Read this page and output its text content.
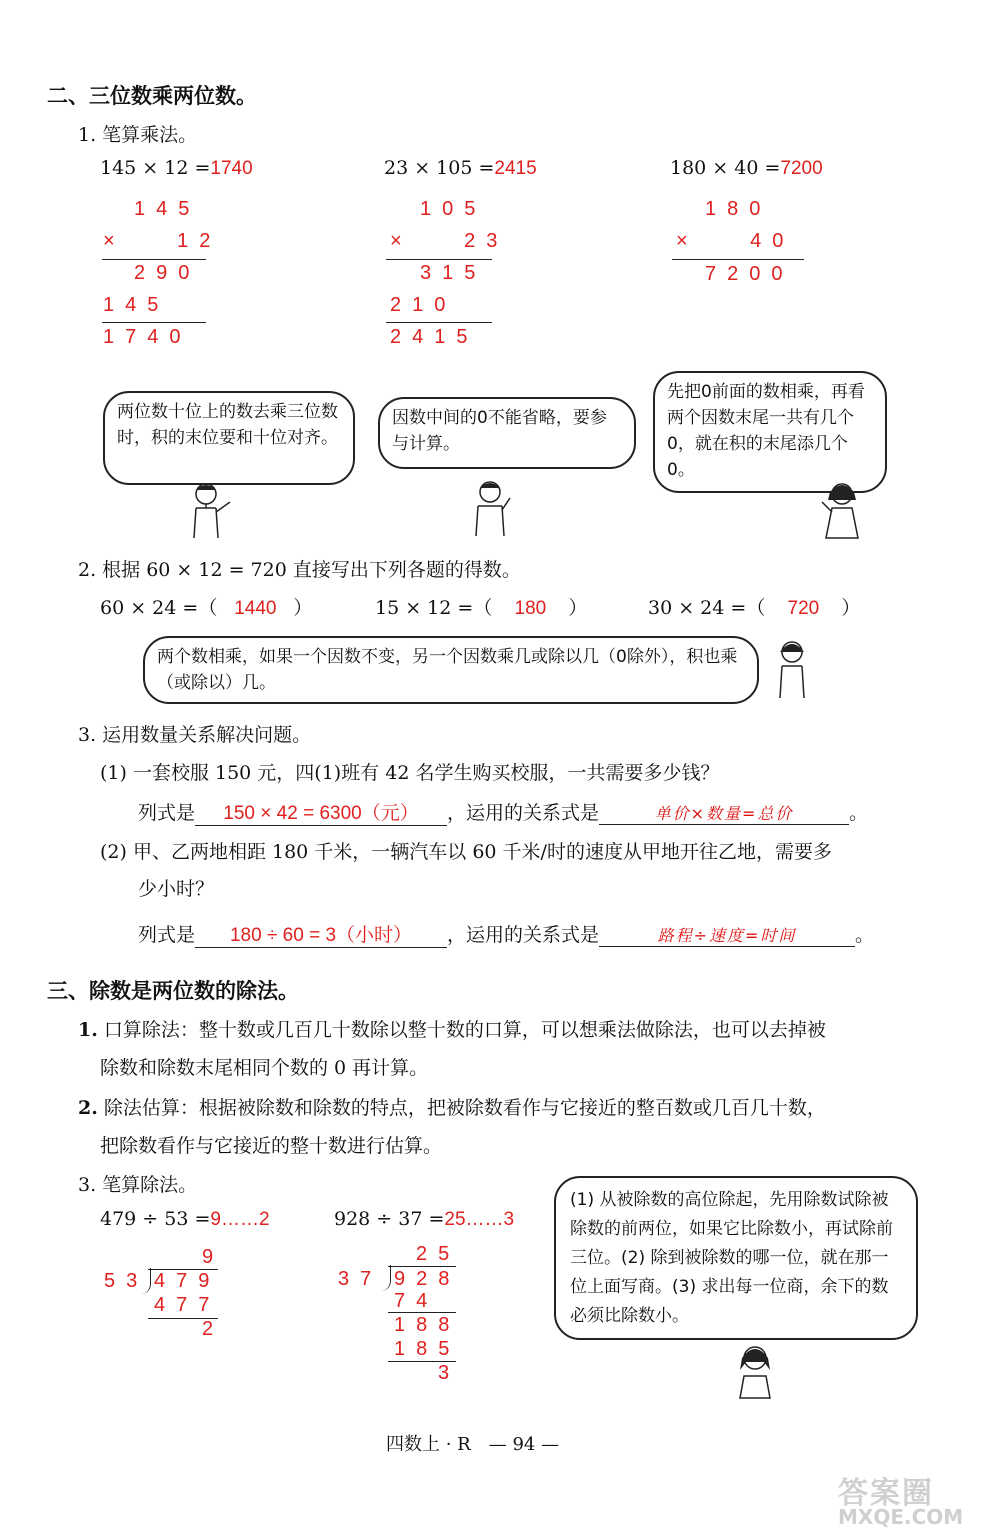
二、三位数乘两位数。
1. 笔算乘法。
145 × 12 =1740
145
×        12
290
145
1740
23 × 105 =2415
105
×        23
315
210
2415
180 × 40 =7200
180
×        40
7200
两位数十位上的数去乘三位数时，积的末位要和十位对齐。
因数中间的0不能省略，要参与计算。
先把0前面的数相乘，再看两个因数末尾一共有几个0，就在积的末尾添几个0。
2. 根据 60 × 12 = 720 直接写出下列各题的得数。
60 × 24 =（ 1440 ）	15 × 12 =（ 180 ）	30 × 24 =（ 720 ）
两个数相乘，如果一个因数不变，另一个因数乘几或除以几（0除外），积也乘（或除以）几。
3. 运用数量关系解决问题。
(1) 一套校服 150 元，四(1)班有 42 名学生购买校服，一共需要多少钱？
列式是 150 × 42 = 6300（元） ，运用的关系式是	单价×数量=总价	。
(2) 甲、乙两地相距 180 千米，一辆汽车以 60 千米/时的速度从甲地开往乙地，需要多
少小时？
列式是 180 ÷ 60 = 3（小时） ，运用的关系式是	路程÷速度=时间	。
三、除数是两位数的除法。
1. 口算除法：整十数或几百几十数除以整十数的口算，可以想乘法做除法，也可以去掉被
除数和除数末尾相同个数的 0 再计算。
2. 除法估算：根据被除数和除数的特点，把被除数看作与它接近的整百数或几百几十数，
把除数看作与它接近的整十数进行估算。
3. 笔算除法。
479 ÷ 53 =9……2
9
53 479
477
2
928 ÷ 37 =25……3
25
37 928
74
188
185
3
(1) 从被除数的高位除起，先用除数试除被除数的前两位，如果它比除数小，再试除前三位。(2) 除到被除数的哪一位，就在那一位上面写商。(3) 求出每一位商，余下的数必须比除数小。
四数上 · R　— 94 —
答案圈
MXQE.COM
